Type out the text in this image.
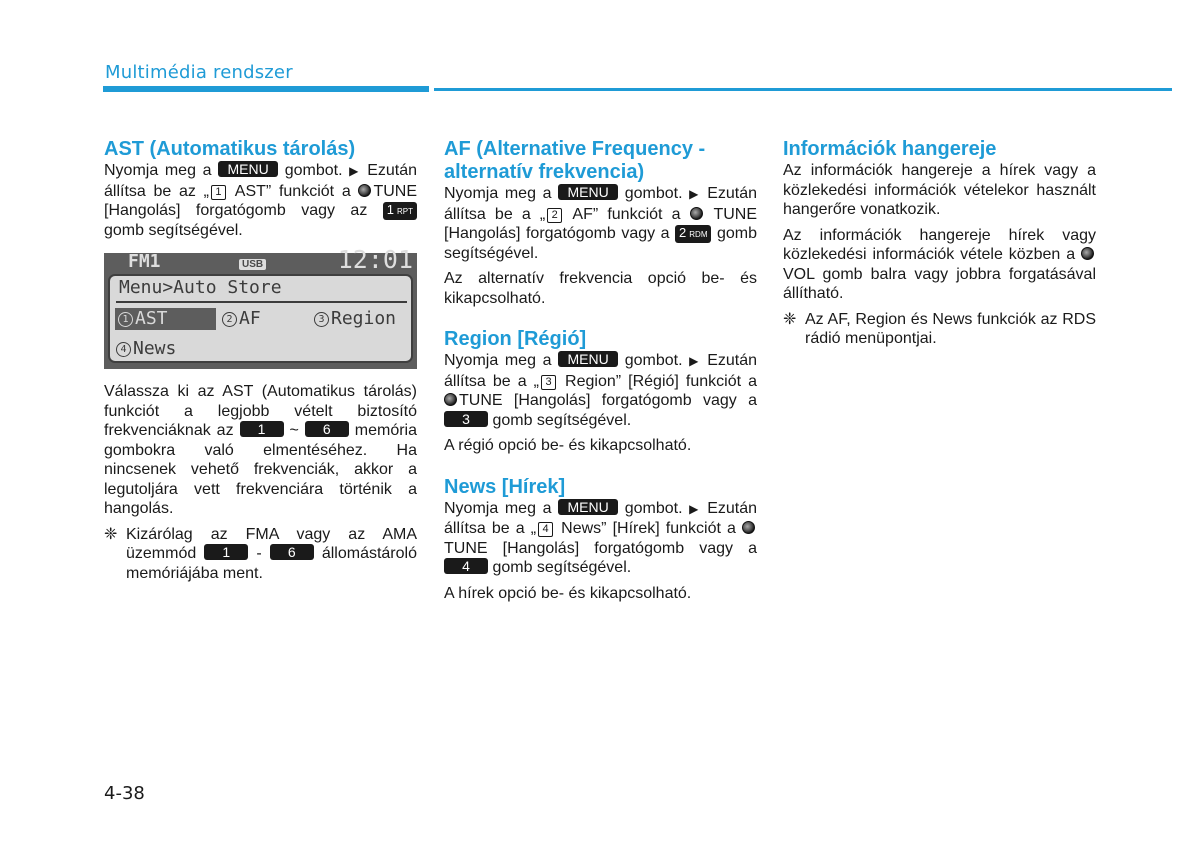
Multimédia rendszer
AST (Automatikus tárolás)

Nyomja meg a MENU gombot. ▶ Ezután állítsa be az „ 1 AST” funkciót a TUNE [Hangolás] forgatógomb vagy az 1 RPT gomb segítségével.

FM1	USB	12:01
Menu>Auto Store
1 AST	2 AF	3 Region
4 News

Válassza ki az AST (Automatikus tárolás) funkciót a legjobb vételt biztosító frekvenciáknak az 1 ~ 6 memória gombokra való elmentéséhez. Ha nincsenek vehető frekvenciák, akkor a legutoljára vett frekvenciára történik a hangolás.

❈ Kizárólag az FMA vagy az AMA üzemmód 1 - 6 állomástároló memóriájába ment.

AF (Alternative Frequency - alternatív frekvencia)

Nyomja meg a MENU gombot. ▶ Ezután állítsa be a „ 2 AF” funkciót a  TUNE [Hangolás] forgatógomb vagy a 2 RDM gomb segítségével.

Az alternatív frekvencia opció be- és kikapcsolható.

Region [Régió]

Nyomja meg a MENU gombot. ▶ Ezután állítsa be a „ 3 Region” [Régió] funkciót a TUNE [Hangolás] forgatógomb vagy a 3 gomb segítségével.

A régió opció be- és kikapcsolható.

News [Hírek]

Nyomja meg a MENU gombot. ▶ Ezután állítsa be a „ 4 News” [Hírek] funkciót a TUNE [Hangolás] forgatógomb vagy a 4 gomb segítségével.

A hírek opció be- és kikapcsolható.

Információk hangereje

Az információk hangereje a hírek vagy a közlekedési információk vételekor használt hangerőre vonatkozik.

Az információk hangereje hírek vagy közlekedési információk vétele közben a VOL gomb balra vagy jobbra forgatásával állítható.

❈ Az AF, Region és News funkciók az RDS rádió menüpontjai.

4-38
